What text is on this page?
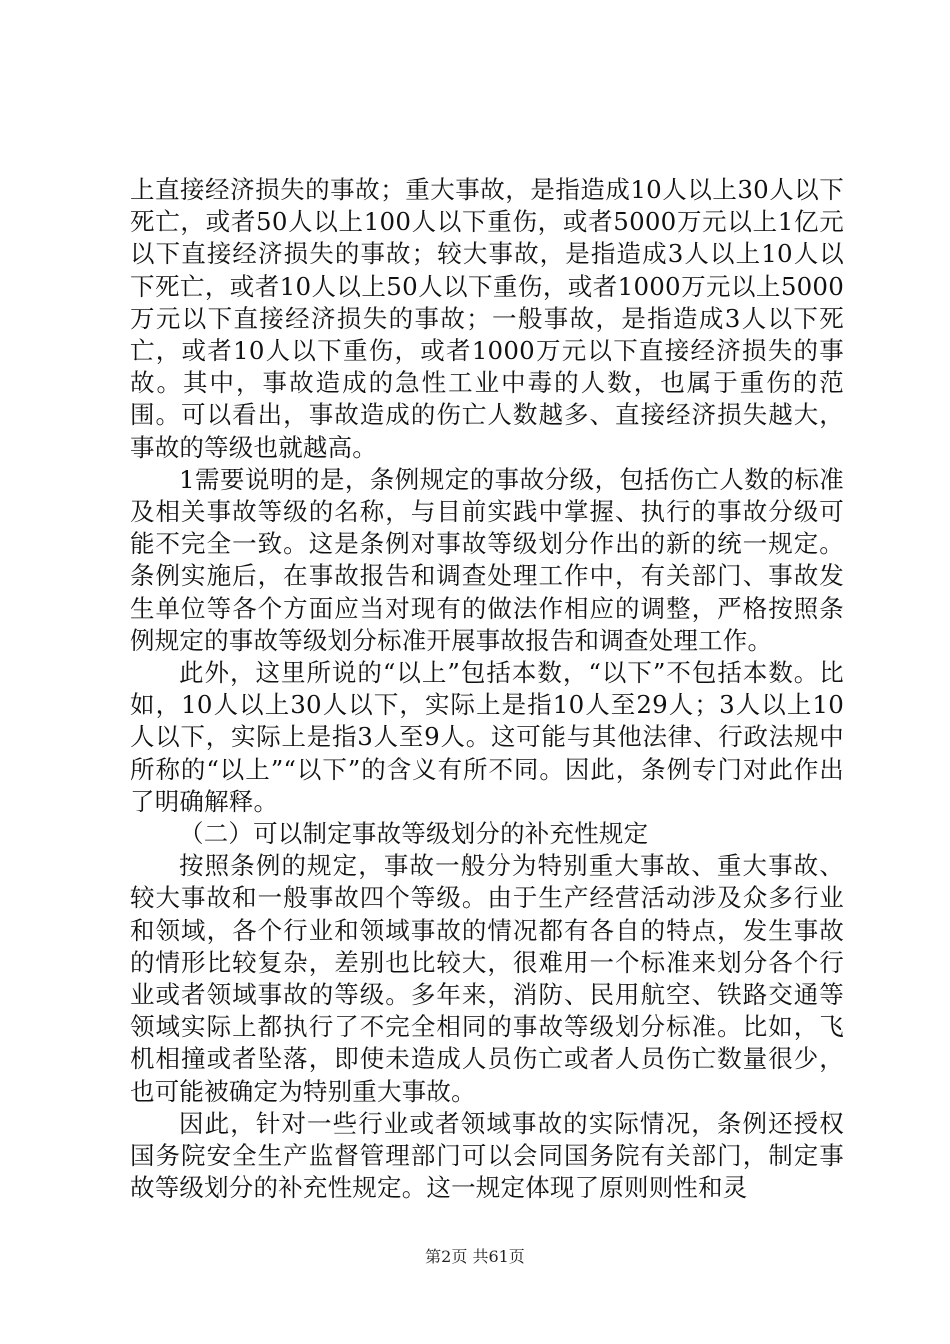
上直接经济损失的事故；重大事故，是指造成10人以上30人以下死亡，或者50人以上100人以下重伤，或者5000万元以上1亿元以下直接经济损失的事故；较大事故，是指造成3人以上10人以下死亡，或者10人以上50人以下重伤，或者1000万元以上5000万元以下直接经济损失的事故；一般事故，是指造成3人以下死亡，或者10人以下重伤，或者1000万元以下直接经济损失的事故。其中，事故造成的急性工业中毒的人数，也属于重伤的范围。可以看出，事故造成的伤亡人数越多、直接经济损失越大，事故的等级也就越高。

1需要说明的是，条例规定的事故分级，包括伤亡人数的标准及相关事故等级的名称，与目前实践中掌握、执行的事故分级可能不完全一致。这是条例对事故等级划分作出的新的统一规定。条例实施后，在事故报告和调查处理工作中，有关部门、事故发生单位等各个方面应当对现有的做法作相应的调整，严格按照条例规定的事故等级划分标准开展事故报告和调查处理工作。

此外，这里所说的“以上”包括本数，“以下”不包括本数。比如，10人以上30人以下，实际上是指10人至29人；3人以上10人以下，实际上是指3人至9人。这可能与其他法律、行政法规中所称的“以上”“以下”的含义有所不同。因此，条例专门对此作出了明确解释。

（二）可以制定事故等级划分的补充性规定

按照条例的规定，事故一般分为特别重大事故、重大事故、较大事故和一般事故四个等级。由于生产经营活动涉及众多行业和领域，各个行业和领域事故的情况都有各自的特点，发生事故的情形比较复杂，差别也比较大，很难用一个标准来划分各个行业或者领域事故的等级。多年来，消防、民用航空、铁路交通等领域实际上都执行了不完全相同的事故等级划分标准。比如，飞机相撞或者坠落，即使未造成人员伤亡或者人员伤亡数量很少，也可能被确定为特别重大事故。

因此，针对一些行业或者领域事故的实际情况，条例还授权国务院安全生产监督管理部门可以会同国务院有关部门，制定事故等级划分的补充性规定。这一规定体现了原则则性和灵

第2页 共61页
